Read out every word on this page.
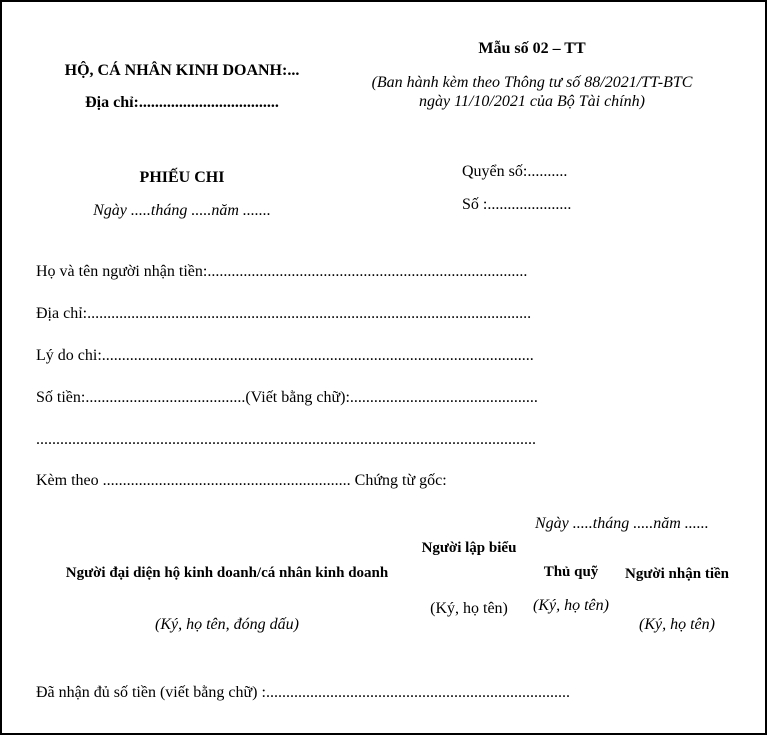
HỘ, CÁ NHÂN KINH DOANH:...
Địa chỉ:...................................
Mẫu số 02 – TT
(Ban hành kèm theo Thông tư số 88/2021/TT-BTC
ngày 11/10/2021 của Bộ Tài chính)
PHIẾU CHI
Ngày .....tháng .....năm .......
Quyển số:..........
Số :.....................
Họ và tên người nhận tiền:................................................................................
Địa chỉ:...............................................................................................................
Lý do chi:............................................................................................................
Số tiền:........................................(Viết bằng chữ):...............................................
.............................................................................................................................
Kèm theo .............................................................. Chứng từ gốc:
Ngày .....tháng .....năm ......
Người đại diện hộ kinh doanh/cá nhân kinh doanh
(Ký, họ tên, đóng dấu)
Người lập biểu
(Ký, họ tên)
Thủ quỹ
(Ký, họ tên)
Người nhận tiền
(Ký, họ tên)
Đã nhận đủ số tiền (viết bằng chữ) :............................................................................
